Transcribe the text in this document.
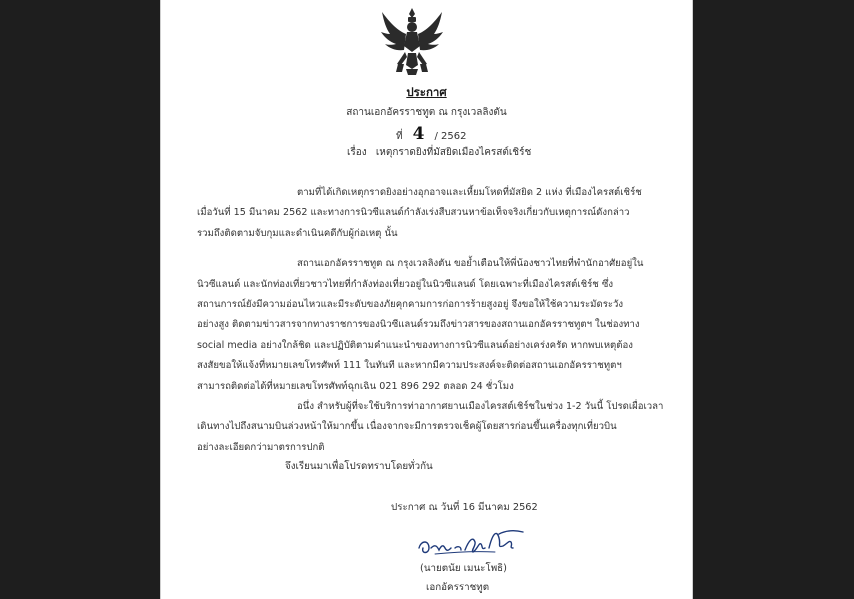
ประกาศ
สถานเอกอัครราชทูต ณ กรุงเวลลิงตัน
ที่ 4 / 2562
เรื่อง เหตุกราดยิงที่มัสยิดเมืองไครสต์เชิร์ช
ตามที่ได้เกิดเหตุกราดยิงอย่างอุกอาจและเหี้ยมโหดที่มัสยิด 2 แห่ง ที่เมืองไครสต์เชิร์ช
เมื่อวันที่ 15 มีนาคม 2562 และทางการนิวซีแลนด์กำลังเร่งสืบสวนหาข้อเท็จจริงเกี่ยวกับเหตุการณ์ดังกล่าว
รวมถึงติดตามจับกุมและดำเนินคดีกับผู้ก่อเหตุ นั้น
สถานเอกอัครราชทูต ณ กรุงเวลลิงตัน ขอย้ำเตือนให้พี่น้องชาวไทยที่พำนักอาศัยอยู่ใน
นิวซีแลนด์ และนักท่องเที่ยวชาวไทยที่กำลังท่องเที่ยวอยู่ในนิวซีแลนด์ โดยเฉพาะที่เมืองไครสต์เชิร์ช ซึ่ง
สถานการณ์ยังมีความอ่อนไหวและมีระดับของภัยคุกคามการก่อการร้ายสูงอยู่ จึงขอให้ใช้ความระมัดระวัง
อย่างสูง ติดตามข่าวสารจากทางราชการของนิวซีแลนด์รวมถึงข่าวสารของสถานเอกอัครราชทูตฯ ในช่องทาง
social media อย่างใกล้ชิด และปฏิบัติตามคำแนะนำของทางการนิวซีแลนด์อย่างเคร่งครัด หากพบเหตุต้อง
สงสัยขอให้แจ้งที่หมายเลขโทรศัพท์ 111 ในทันที และหากมีความประสงค์จะติดต่อสถานเอกอัครราชทูตฯ
สามารถติดต่อได้ที่หมายเลขโทรศัพท์ฉุกเฉิน 021 896 292 ตลอด 24 ชั่วโมง
อนึ่ง สำหรับผู้ที่จะใช้บริการท่าอากาศยานเมืองไครสต์เชิร์ชในช่วง 1-2 วันนี้ โปรดเผื่อเวลา
เดินทางไปถึงสนามบินล่วงหน้าให้มากขึ้น เนื่องจากจะมีการตรวจเช็คผู้โดยสารก่อนขึ้นเครื่องทุกเที่ยวบิน
อย่างละเอียดกว่ามาตรการปกติ
จึงเรียนมาเพื่อโปรดทราบโดยทั่วกัน
ประกาศ ณ วันที่ 16 มีนาคม 2562
(นายตนัย เมนะโพธิ)
เอกอัครราชทูต
